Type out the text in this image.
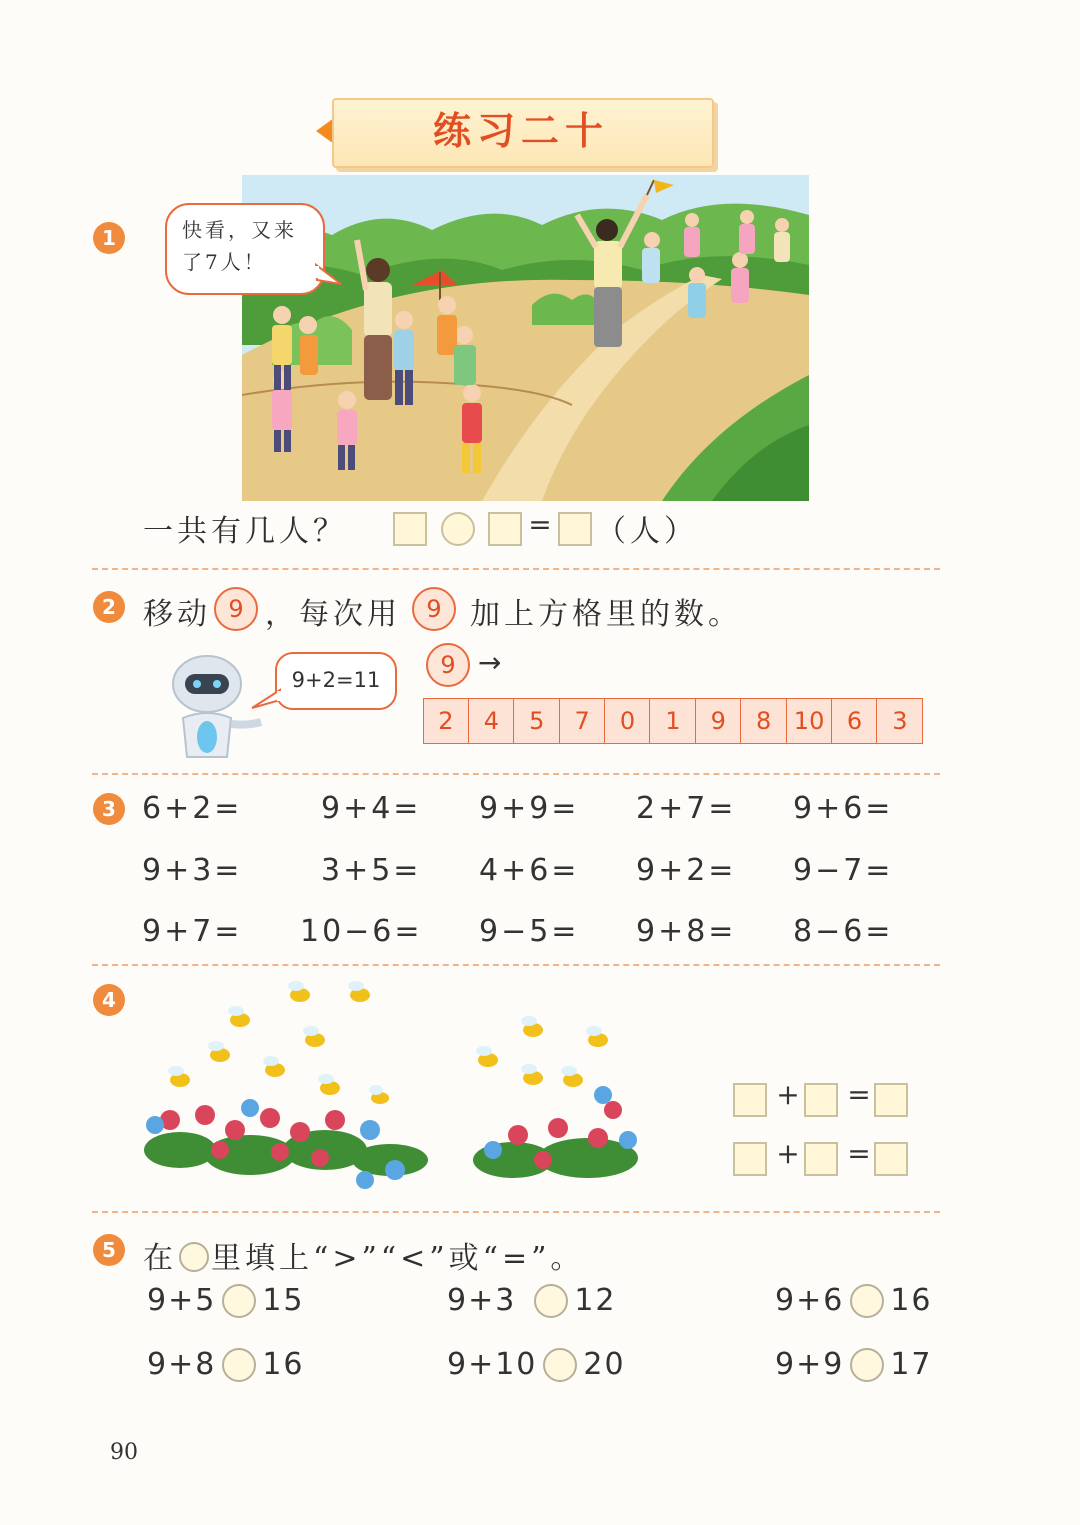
练习二十
1	快看，又来
了7人！
一共有几人？	= （人）
2 移动 9 ，每次用	9 加上方格里的数。
9+2=11
9 →
2	4	5	7	0	1	9	8 10 6	3
3 6+2=	9+4= 9+9= 2+7= 9+6=
9+3=	3+5= 4+6= 9+2= 9−7=
9+7= 10−6= 9−5= 9+8= 8−6=
4
+ =
+ =
5 在 里填上“>”“<”或“=”。
9+5 15	9+3 12	9+6 16
9+8 16	9+10 20	9+9 17
90
